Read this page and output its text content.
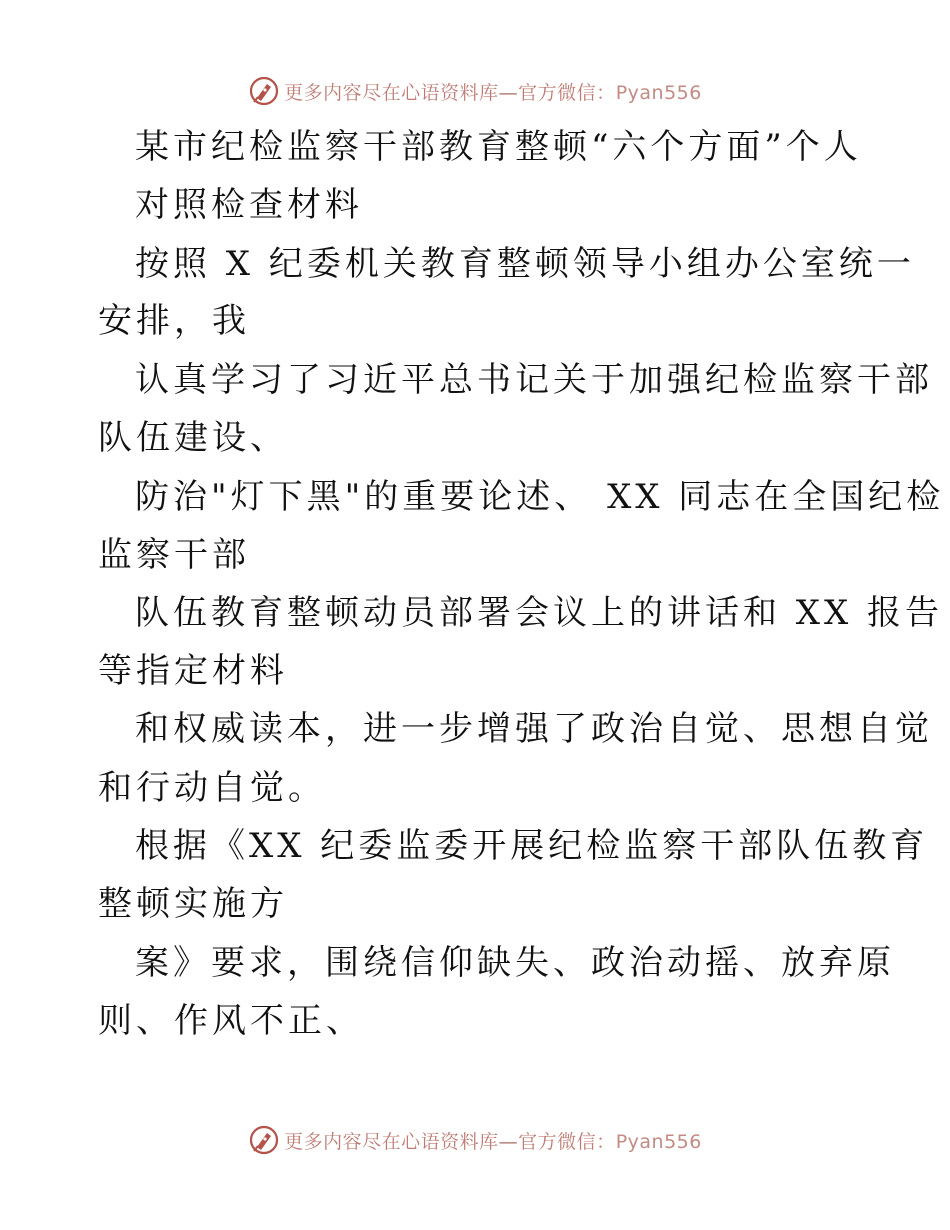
更多内容尽在心语资料库—官方微信：Pyan556
某市纪检监察干部教育整顿“六个方面”个人
对照检查材料
按照 X 纪委机关教育整顿领导小组办公室统一
安排，我
认真学习了习近平总书记关于加强纪检监察干部
队伍建设、
防治"灯下黑"的重要论述、 XX 同志在全国纪检
监察干部
队伍教育整顿动员部署会议上的讲话和 XX 报告
等指定材料
和权威读本，进一步增强了政治自觉、思想自觉
和行动自觉。
根据《XX 纪委监委开展纪检监察干部队伍教育
整顿实施方
案》要求，围绕信仰缺失、政治动摇、放弃原
则、作风不正、
更多内容尽在心语资料库—官方微信：Pyan556
